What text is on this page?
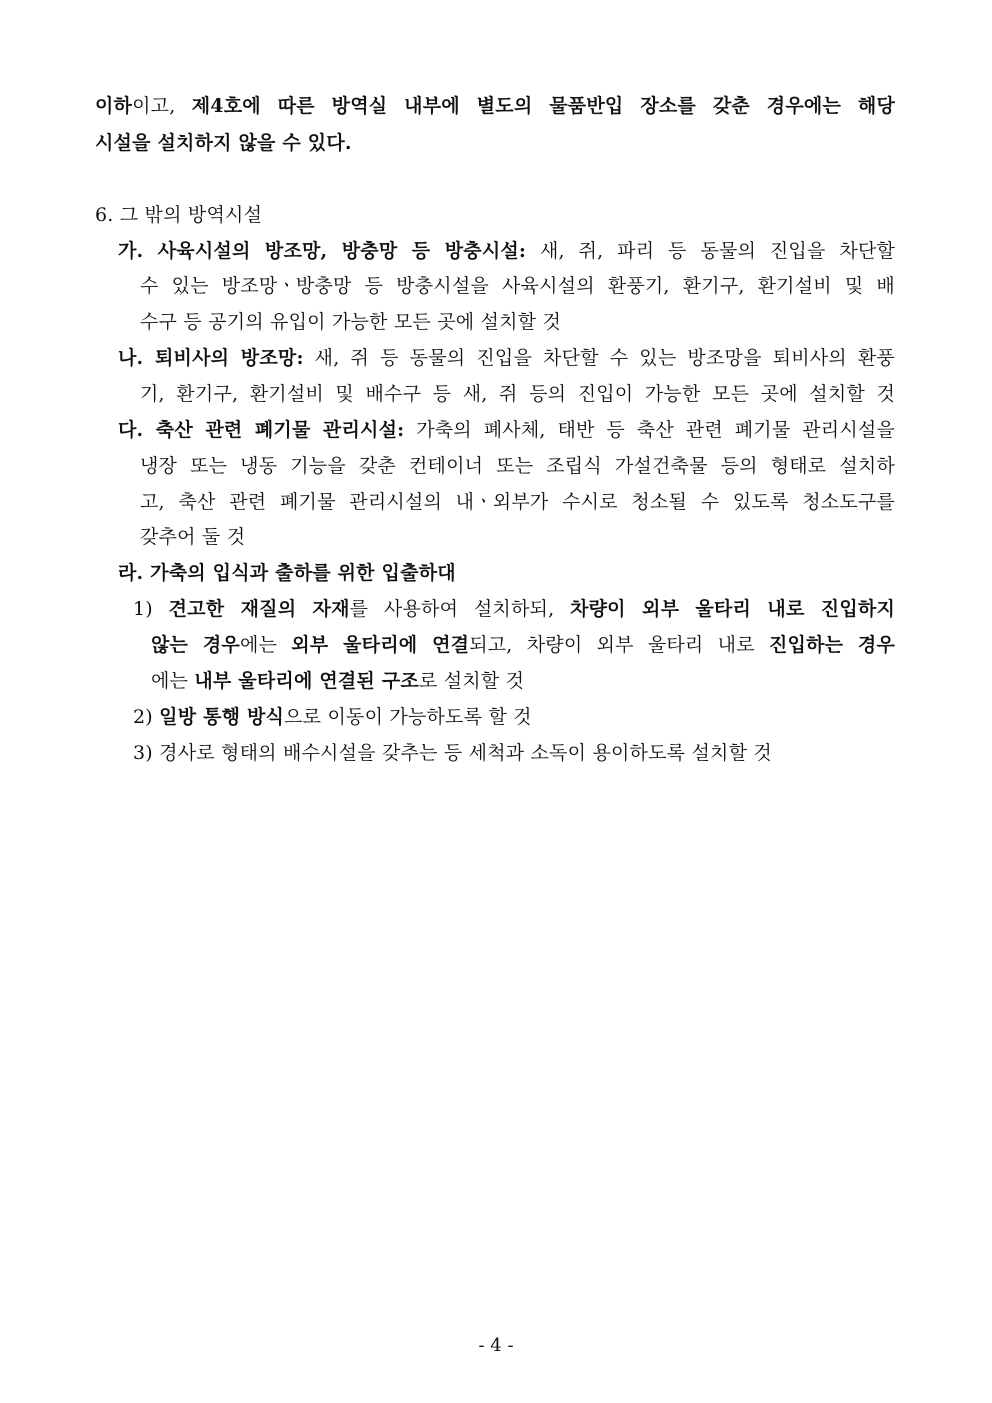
이하이고, 제4호에 따른 방역실 내부에 별도의 물품반입 장소를 갖춘 경우에는 해당
시설을 설치하지 않을 수 있다.
6. 그 밖의 방역시설
가. 사육시설의 방조망, 방충망 등 방충시설: 새, 쥐, 파리 등 동물의 진입을 차단할
수 있는 방조망ㆍ방충망 등 방충시설을 사육시설의 환풍기, 환기구, 환기설비 및 배
수구 등 공기의 유입이 가능한 모든 곳에 설치할 것
나. 퇴비사의 방조망: 새, 쥐 등 동물의 진입을 차단할 수 있는 방조망을 퇴비사의 환풍
기, 환기구, 환기설비 및 배수구 등 새, 쥐 등의 진입이 가능한 모든 곳에 설치할 것
다. 축산 관련 폐기물 관리시설: 가축의 폐사체, 태반 등 축산 관련 폐기물 관리시설을
냉장 또는 냉동 기능을 갖춘 컨테이너 또는 조립식 가설건축물 등의 형태로 설치하
고, 축산 관련 폐기물 관리시설의 내ㆍ외부가 수시로 청소될 수 있도록 청소도구를
갖추어 둘 것
라. 가축의 입식과 출하를 위한 입출하대
1) 견고한 재질의 자재를 사용하여 설치하되, 차량이 외부 울타리 내로 진입하지
않는 경우에는 외부 울타리에 연결되고, 차량이 외부 울타리 내로 진입하는 경우
에는 내부 울타리에 연결된 구조로 설치할 것
2) 일방 통행 방식으로 이동이 가능하도록 할 것
3) 경사로 형태의 배수시설을 갖추는 등 세척과 소독이 용이하도록 설치할 것
- 4 -
